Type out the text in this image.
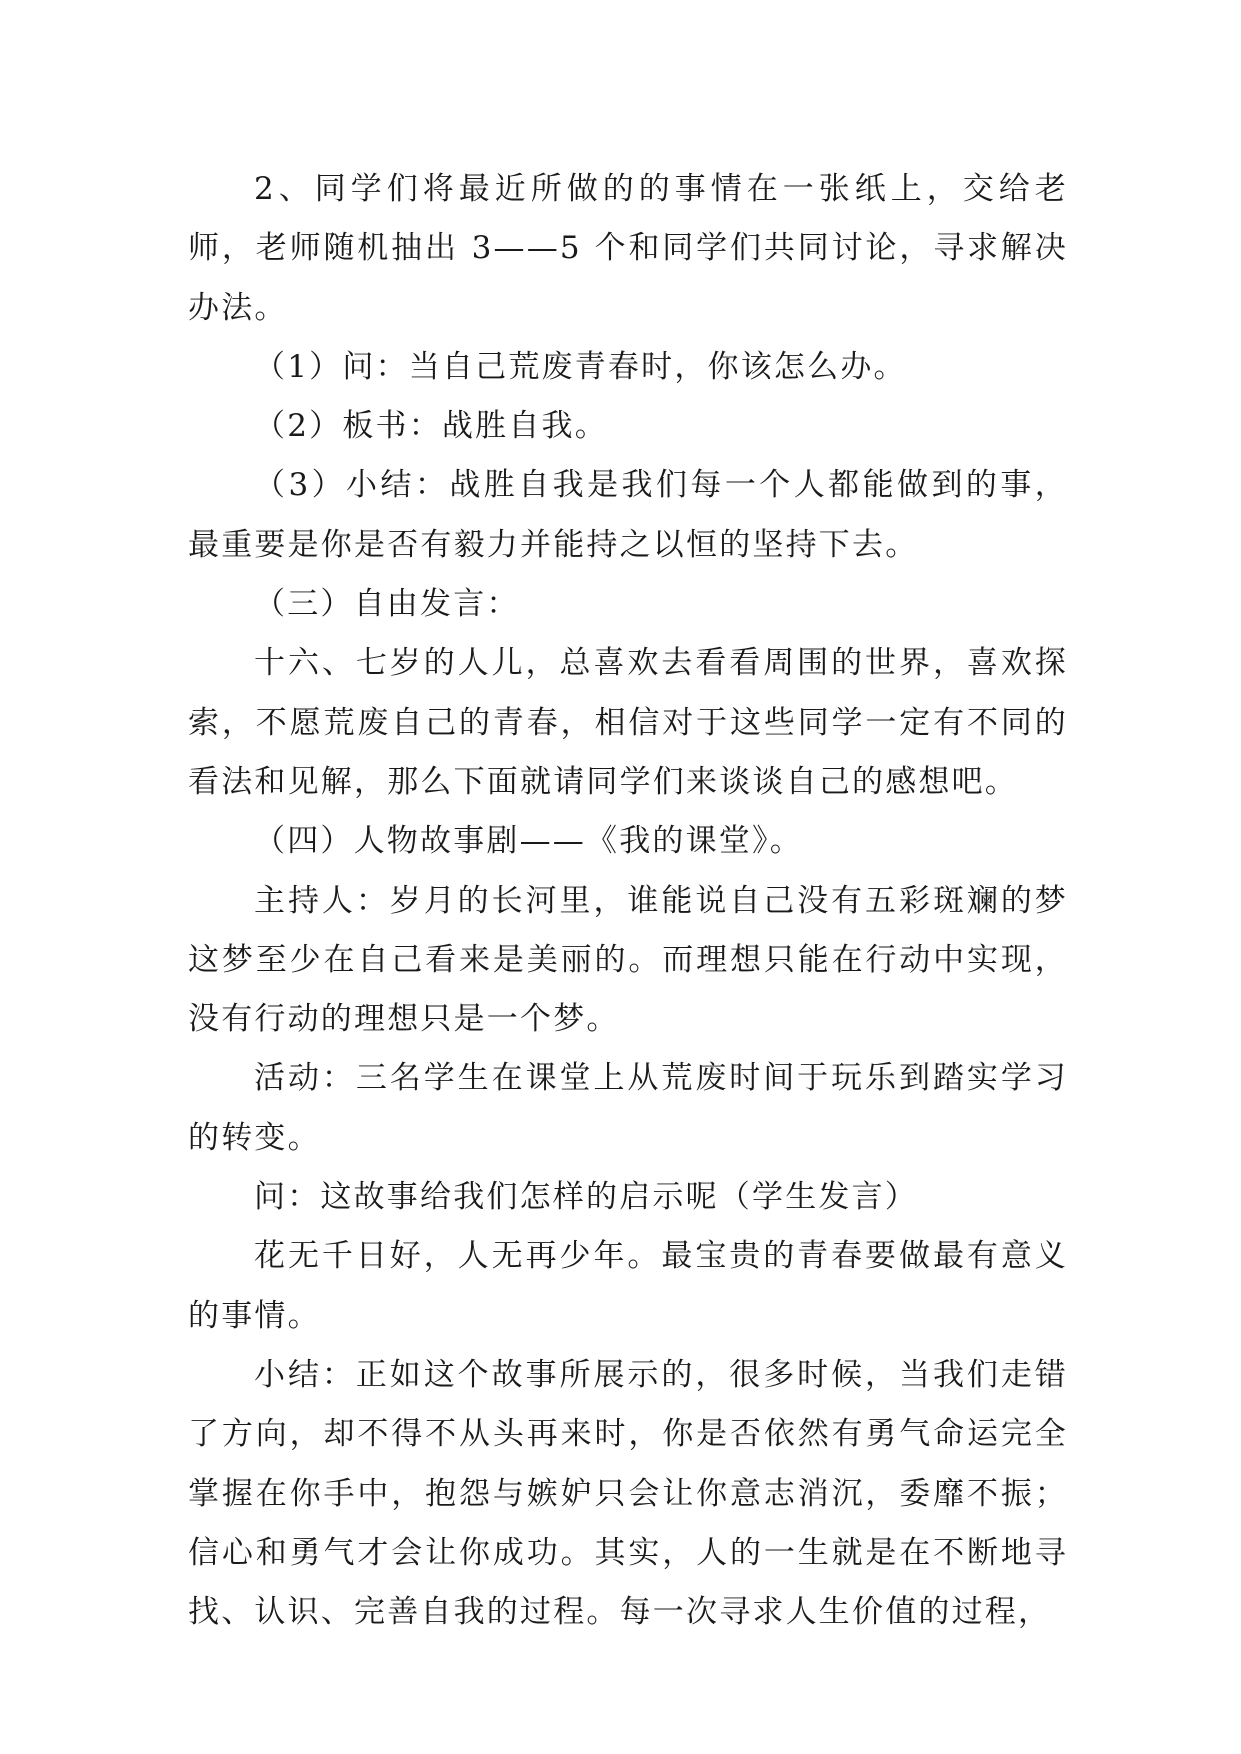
2、同学们将最近所做的的事情在一张纸上，交给老师，老师随机抽出 3——5 个和同学们共同讨论，寻求解决办法。

（1）问：当自己荒废青春时，你该怎么办。

（2）板书：战胜自我。

（3）小结：战胜自我是我们每一个人都能做到的事，最重要是你是否有毅力并能持之以恒的坚持下去。

（三）自由发言：

十六、七岁的人儿，总喜欢去看看周围的世界，喜欢探索，不愿荒废自己的青春，相信对于这些同学一定有不同的看法和见解，那么下面就请同学们来谈谈自己的感想吧。

（四）人物故事剧——《我的课堂》。

主持人：岁月的长河里，谁能说自己没有五彩斑斓的梦这梦至少在自己看来是美丽的。而理想只能在行动中实现，没有行动的理想只是一个梦。

活动：三名学生在课堂上从荒废时间于玩乐到踏实学习的转变。

问：这故事给我们怎样的启示呢（学生发言）

花无千日好，人无再少年。最宝贵的青春要做最有意义的事情。

小结：正如这个故事所展示的，很多时候，当我们走错了方向，却不得不从头再来时，你是否依然有勇气命运完全掌握在你手中，抱怨与嫉妒只会让你意志消沉，委靡不振；信心和勇气才会让你成功。其实，人的一生就是在不断地寻找、认识、完善自我的过程。每一次寻求人生价值的过程，
